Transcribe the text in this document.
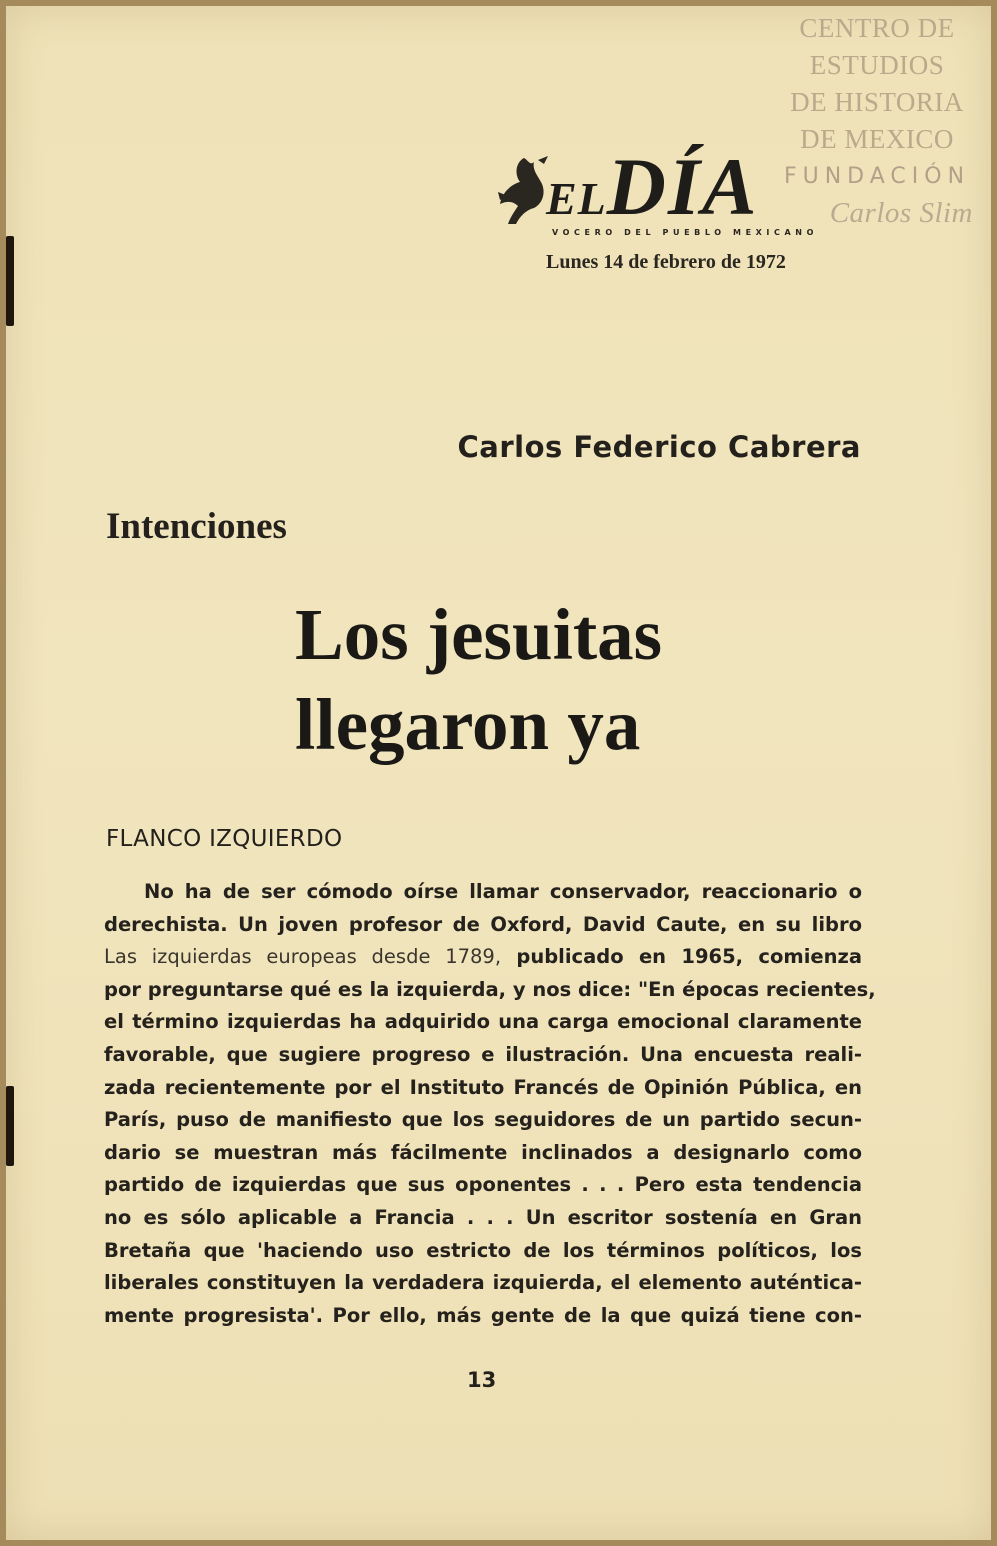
CENTRO DE
ESTUDIOS
DE HISTORIA
DE MEXICO
FUNDACIÓN
Carlos Slim
ELDÍA
VOCERO DEL PUEBLO MEXICANO
Lunes 14 de febrero de 1972
Carlos Federico Cabrera
Intenciones
Los jesuitas
llegaron ya
FLANCO IZQUIERDO
No ha de ser cómodo oírse llamar conservador, reaccionario o
derechista. Un joven profesor de Oxford, David Caute, en su libro
Las izquierdas europeas desde 1789, publicado en 1965, comienza
por preguntarse qué es la izquierda, y nos dice: "En épocas recientes,
el término izquierdas ha adquirido una carga emocional claramente
favorable, que sugiere progreso e ilustración. Una encuesta reali-
zada recientemente por el Instituto Francés de Opinión Pública, en
París, puso de manifiesto que los seguidores de un partido secun-
dario se muestran más fácilmente inclinados a designarlo como
partido de izquierdas que sus oponentes . . . Pero esta tendencia
no es sólo aplicable a Francia . . . Un escritor sostenía en Gran
Bretaña que 'haciendo uso estricto de los términos políticos, los
liberales constituyen la verdadera izquierda, el elemento auténtica-
mente progresista'. Por ello, más gente de la que quizá tiene con-
13
